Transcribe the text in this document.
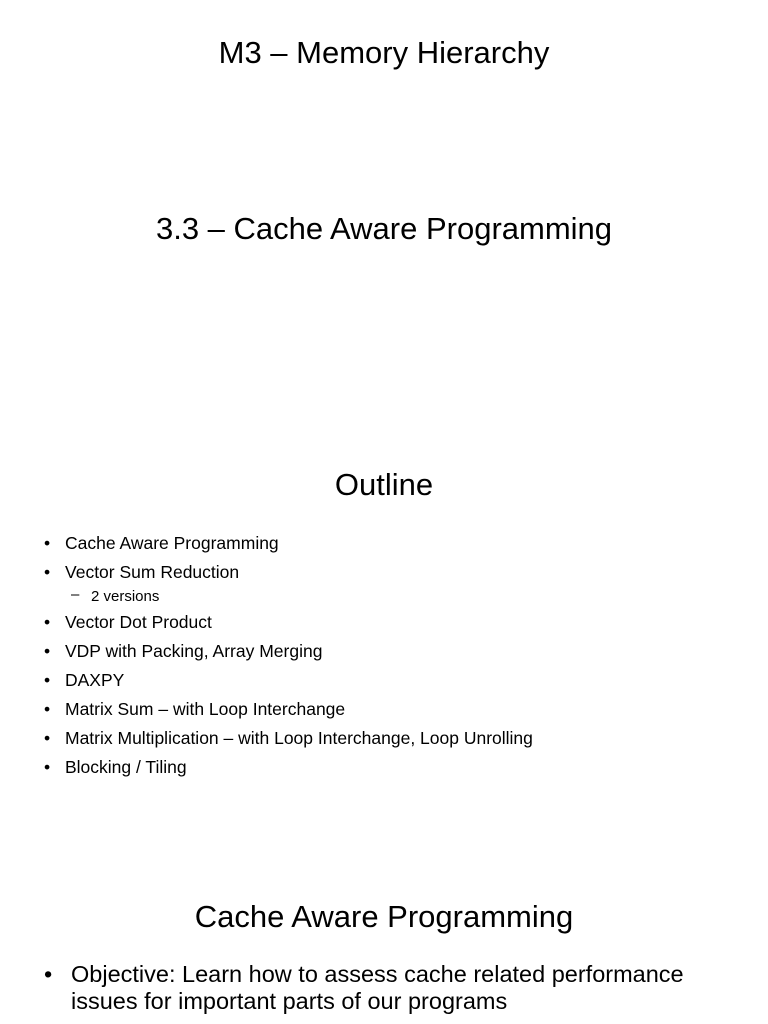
M3 – Memory Hierarchy
3.3 – Cache Aware Programming
Outline
• Cache Aware Programming
• Vector Sum Reduction
– 2 versions
• Vector Dot Product
• VDP with Packing, Array Merging
• DAXPY
• Matrix Sum – with Loop Interchange
• Matrix Multiplication – with Loop Interchange, Loop Unrolling
• Blocking / Tiling
Cache Aware Programming
• Objective: Learn how to assess cache related performance issues for important parts of our programs
